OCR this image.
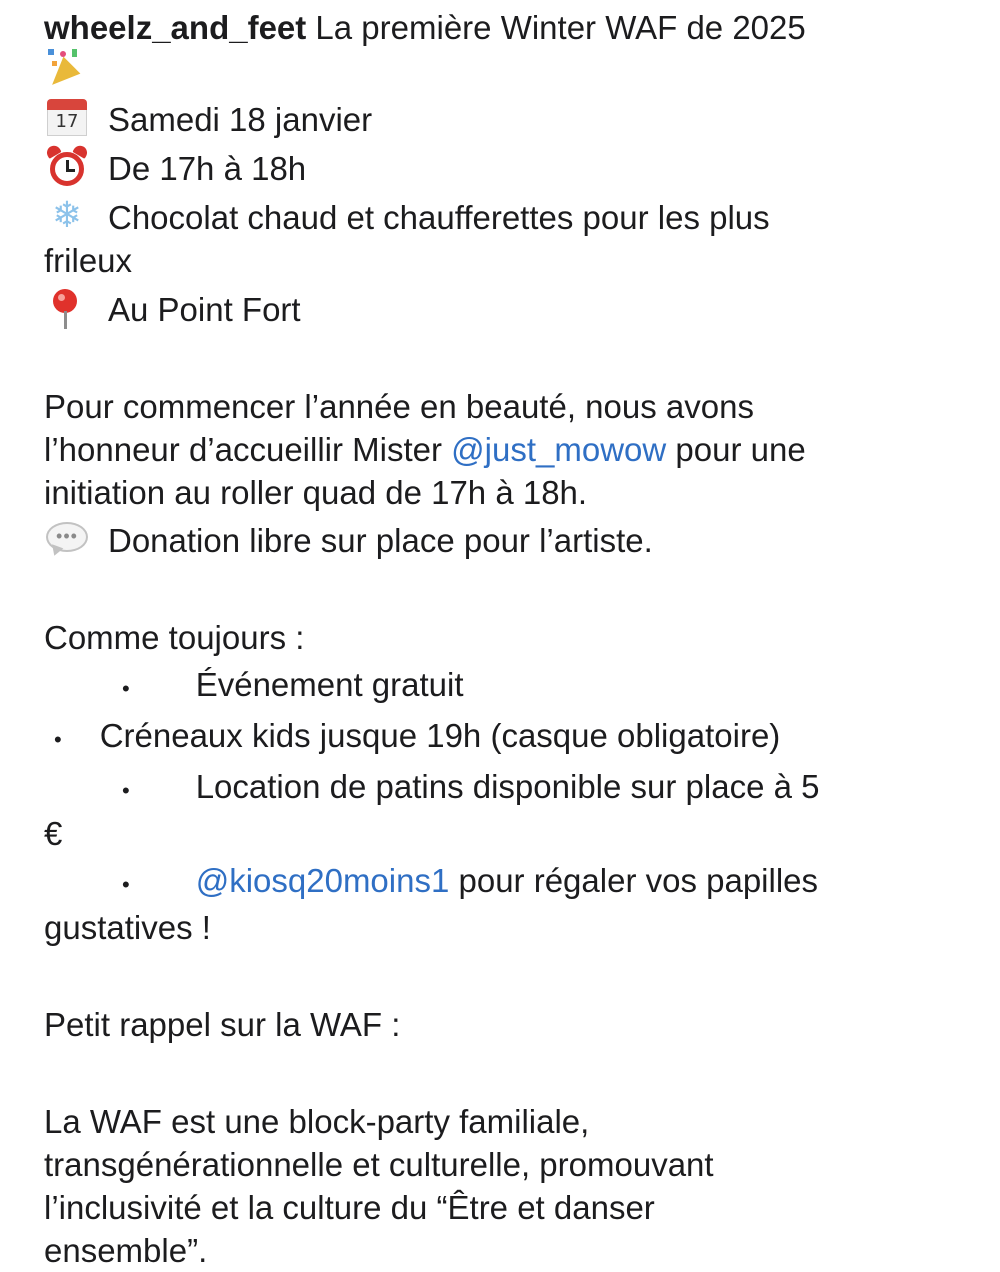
wheelz_and_feet La première Winter WAF de 2025
17 Samedi 18 janvier
De 17h à 18h
❄ Chocolat chaud et chaufferettes pour les plus
frileux
Au Point Fort
Pour commencer l’année en beauté, nous avons
l’honneur d’accueillir Mister @just_mowow pour une
initiation au roller quad de 17h à 18h.
••• Donation libre sur place pour l’artiste.
Comme toujours :
• Événement gratuit
• Créneaux kids jusque 19h (casque obligatoire)
• Location de patins disponible sur place à 5
€
• @kiosq20moins1 pour régaler vos papilles
gustatives !
Petit rappel sur la WAF :
La WAF est une block-party familiale,
transgénérationnelle et culturelle, promouvant
l’inclusivité et la culture du “Être et danser
ensemble”.
